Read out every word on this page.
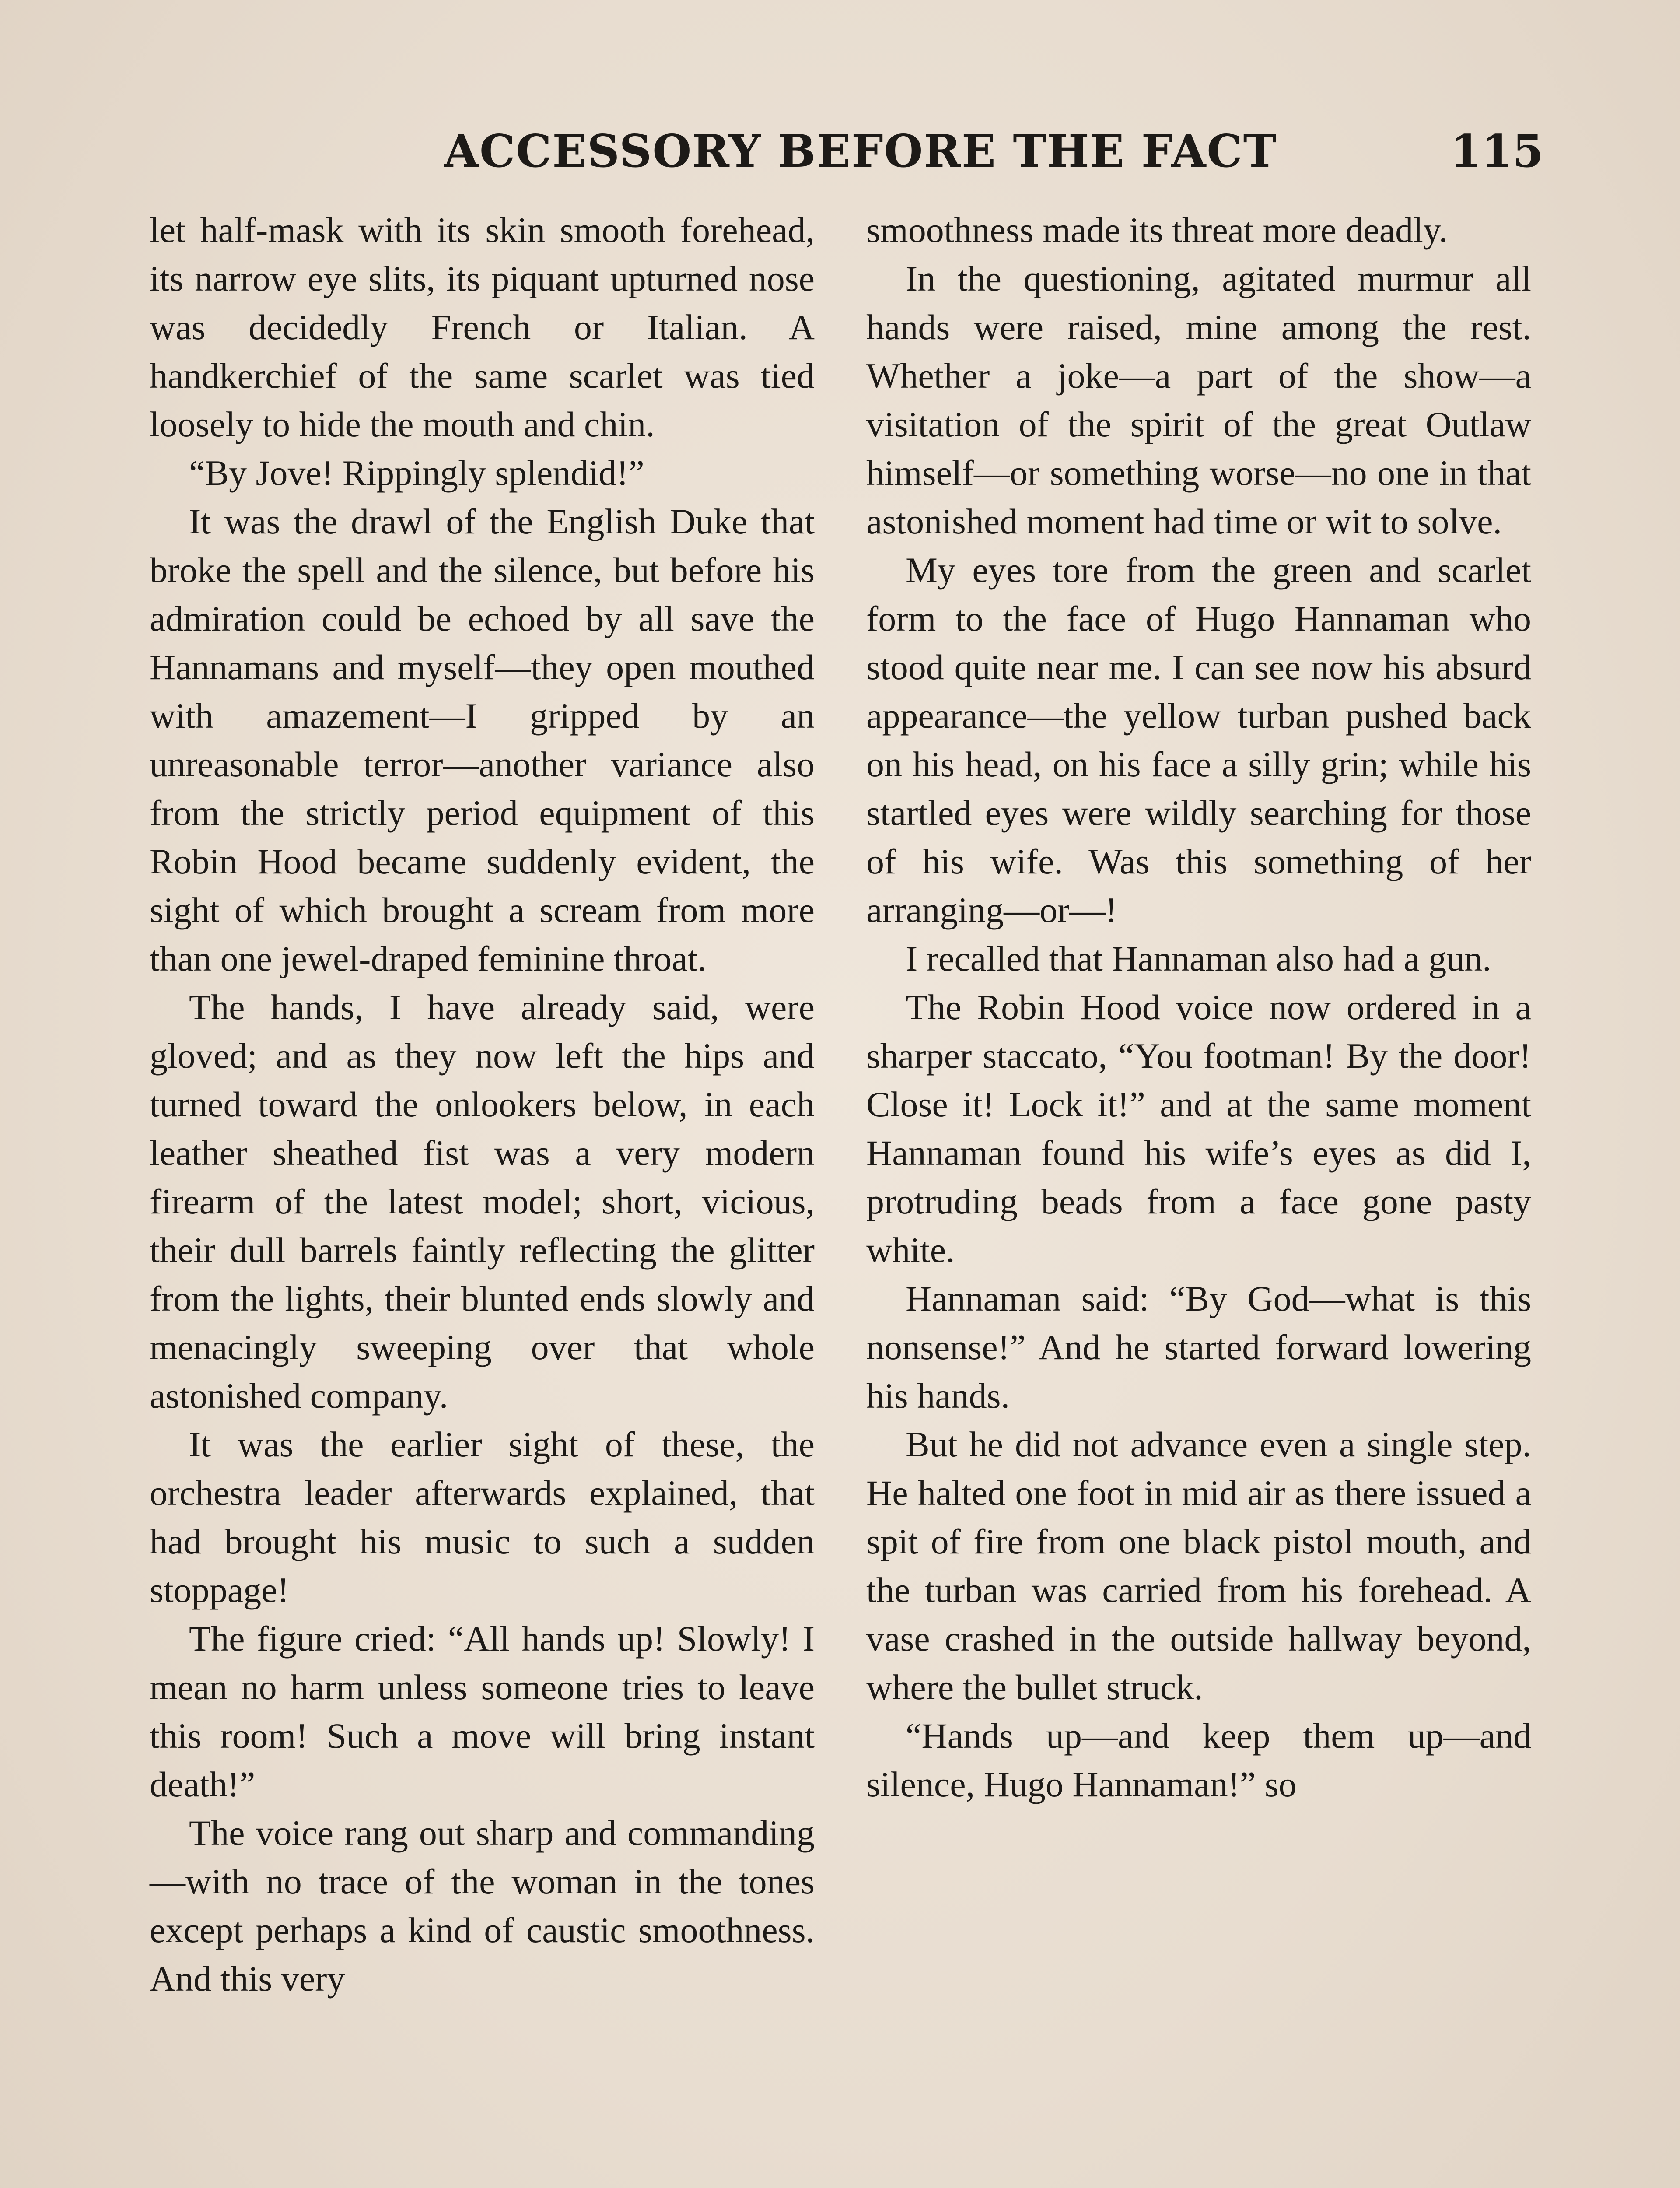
ACCESSORY BEFORE THE FACT	115

let half-mask with its skin smooth forehead, its narrow eye slits, its piquant upturned nose was decidedly French or Italian. A handkerchief of the same scarlet was tied loosely to hide the mouth and chin.

“By Jove! Rippingly splendid!”

It was the drawl of the English Duke that broke the spell and the silence, but before his admiration could be echoed by all save the Hannamans and myself—they open mouthed with amazement—I gripped by an unreasonable terror—another variance also from the strictly period equipment of this Robin Hood became suddenly evident, the sight of which brought a scream from more than one jewel-draped feminine throat.

The hands, I have already said, were gloved; and as they now left the hips and turned toward the onlookers below, in each leather sheathed fist was a very modern firearm of the latest model; short, vicious, their dull barrels faintly reflecting the glitter from the lights, their blunted ends slowly and menacingly sweeping over that whole astonished company.

It was the earlier sight of these, the orchestra leader afterwards explained, that had brought his music to such a sudden stoppage!

The figure cried: “All hands up! Slowly! I mean no harm unless someone tries to leave this room! Such a move will bring instant death!”

The voice rang out sharp and commanding—with no trace of the woman in the tones except perhaps a kind of caustic smoothness. And this very

smoothness made its threat more deadly.

In the questioning, agitated murmur all hands were raised, mine among the rest. Whether a joke—a part of the show—a visitation of the spirit of the great Outlaw himself—or something worse—no one in that astonished moment had time or wit to solve.

My eyes tore from the green and scarlet form to the face of Hugo Hannaman who stood quite near me. I can see now his absurd appearance—the yellow turban pushed back on his head, on his face a silly grin; while his startled eyes were wildly searching for those of his wife. Was this something of her arranging—or—!

I recalled that Hannaman also had a gun.

The Robin Hood voice now ordered in a sharper staccato, “You footman! By the door! Close it! Lock it!” and at the same moment Hannaman found his wife’s eyes as did I, protruding beads from a face gone pasty white.

Hannaman said: “By God—what is this nonsense!” And he started forward lowering his hands.

But he did not advance even a single step. He halted one foot in mid air as there issued a spit of fire from one black pistol mouth, and the turban was carried from his forehead. A vase crashed in the outside hallway beyond, where the bullet struck.

“Hands up—and keep them up—and silence, Hugo Hannaman!” so
